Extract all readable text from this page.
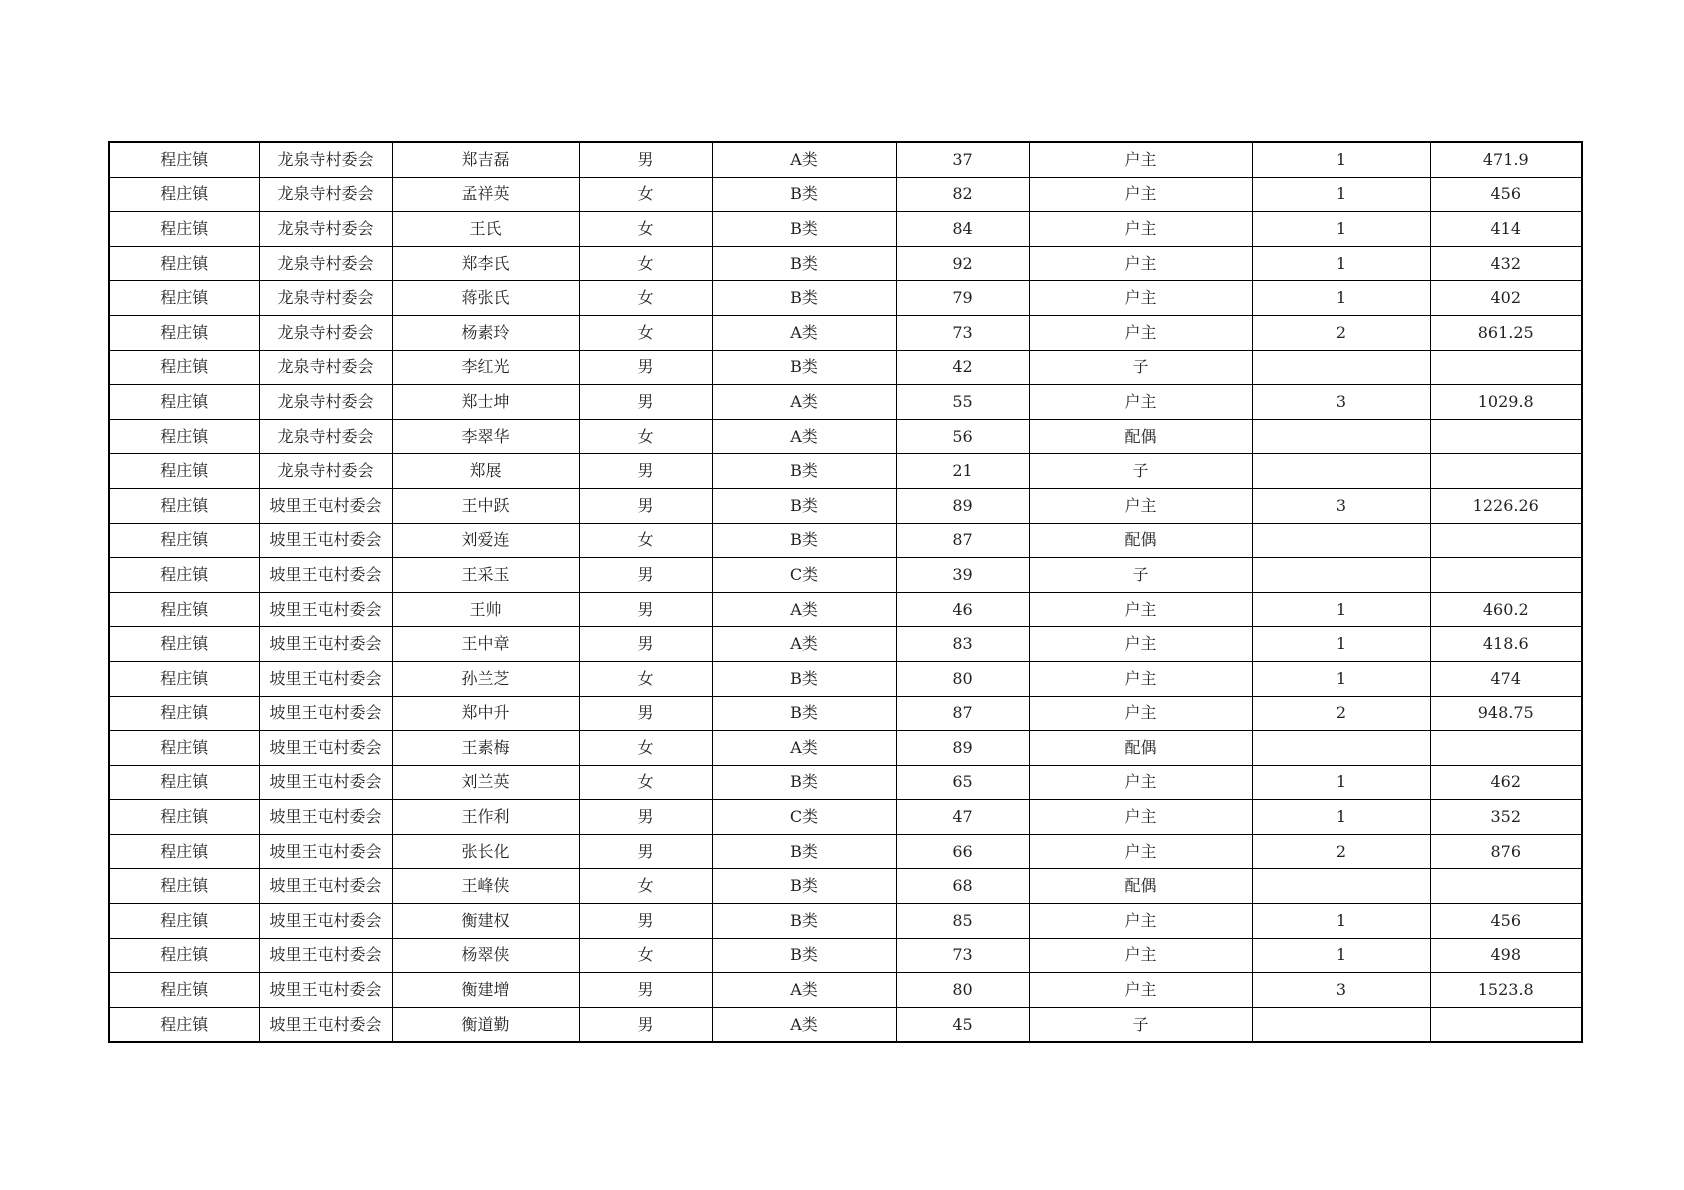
程庄镇	龙泉寺村委会	郑吉磊	男	A类	37	户主	1	471.9
程庄镇	龙泉寺村委会	孟祥英	女	B类	82	户主	1	456
程庄镇	龙泉寺村委会	王氏	女	B类	84	户主	1	414
程庄镇	龙泉寺村委会	郑李氏	女	B类	92	户主	1	432
程庄镇	龙泉寺村委会	蒋张氏	女	B类	79	户主	1	402
程庄镇	龙泉寺村委会	杨素玲	女	A类	73	户主	2	861.25
程庄镇	龙泉寺村委会	李红光	男	B类	42	子		
程庄镇	龙泉寺村委会	郑士坤	男	A类	55	户主	3	1029.8
程庄镇	龙泉寺村委会	李翠华	女	A类	56	配偶		
程庄镇	龙泉寺村委会	郑展	男	B类	21	子		
程庄镇	坡里王屯村委会	王中跃	男	B类	89	户主	3	1226.26
程庄镇	坡里王屯村委会	刘爱连	女	B类	87	配偶		
程庄镇	坡里王屯村委会	王采玉	男	C类	39	子		
程庄镇	坡里王屯村委会	王帅	男	A类	46	户主	1	460.2
程庄镇	坡里王屯村委会	王中章	男	A类	83	户主	1	418.6
程庄镇	坡里王屯村委会	孙兰芝	女	B类	80	户主	1	474
程庄镇	坡里王屯村委会	郑中升	男	B类	87	户主	2	948.75
程庄镇	坡里王屯村委会	王素梅	女	A类	89	配偶		
程庄镇	坡里王屯村委会	刘兰英	女	B类	65	户主	1	462
程庄镇	坡里王屯村委会	王作利	男	C类	47	户主	1	352
程庄镇	坡里王屯村委会	张长化	男	B类	66	户主	2	876
程庄镇	坡里王屯村委会	王峰侠	女	B类	68	配偶		
程庄镇	坡里王屯村委会	衡建权	男	B类	85	户主	1	456
程庄镇	坡里王屯村委会	杨翠侠	女	B类	73	户主	1	498
程庄镇	坡里王屯村委会	衡建增	男	A类	80	户主	3	1523.8
程庄镇	坡里王屯村委会	衡道勤	男	A类	45	子		
